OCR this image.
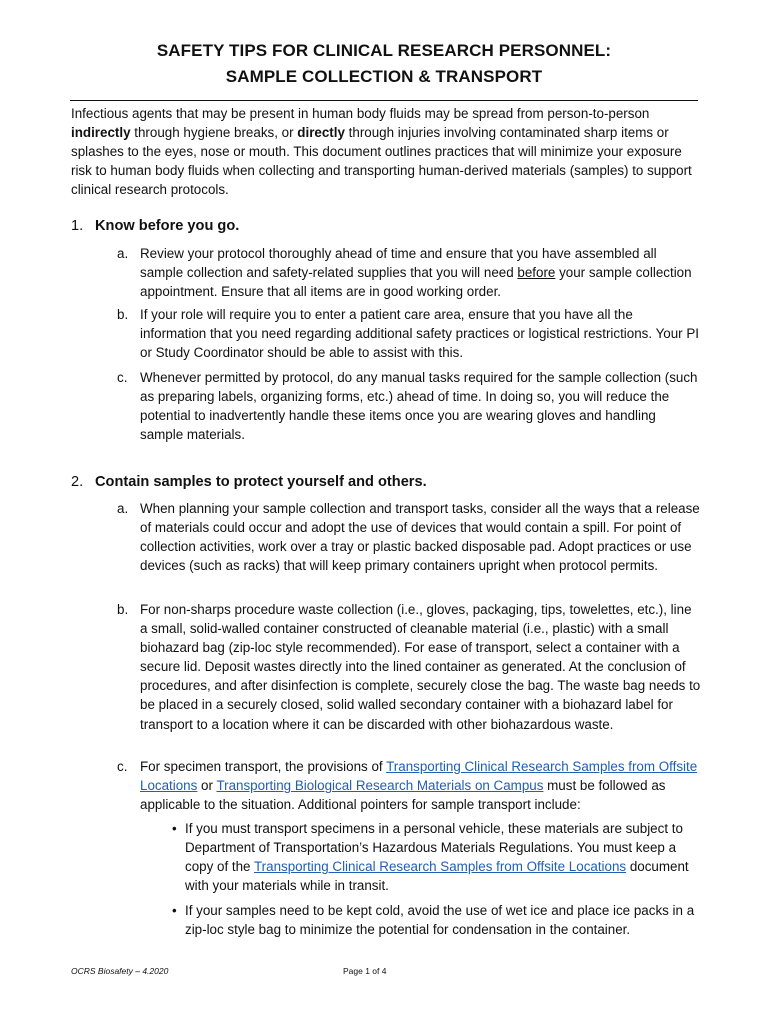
SAFETY TIPS FOR CLINICAL RESEARCH PERSONNEL:
SAMPLE COLLECTION & TRANSPORT
Infectious agents that may be present in human body fluids may be spread from person-to-person indirectly through hygiene breaks, or directly through injuries involving contaminated sharp items or splashes to the eyes, nose or mouth. This document outlines practices that will minimize your exposure risk to human body fluids when collecting and transporting human-derived materials (samples) to support clinical research protocols.
1. Know before you go.
a. Review your protocol thoroughly ahead of time and ensure that you have assembled all sample collection and safety-related supplies that you will need before your sample collection appointment. Ensure that all items are in good working order.
b. If your role will require you to enter a patient care area, ensure that you have all the information that you need regarding additional safety practices or logistical restrictions. Your PI or Study Coordinator should be able to assist with this.
c. Whenever permitted by protocol, do any manual tasks required for the sample collection (such as preparing labels, organizing forms, etc.) ahead of time. In doing so, you will reduce the potential to inadvertently handle these items once you are wearing gloves and handling sample materials.
2. Contain samples to protect yourself and others.
a. When planning your sample collection and transport tasks, consider all the ways that a release of materials could occur and adopt the use of devices that would contain a spill. For point of collection activities, work over a tray or plastic backed disposable pad. Adopt practices or use devices (such as racks) that will keep primary containers upright when protocol permits.
b. For non-sharps procedure waste collection (i.e., gloves, packaging, tips, towelettes, etc.), line a small, solid-walled container constructed of cleanable material (i.e., plastic) with a small biohazard bag (zip-loc style recommended). For ease of transport, select a container with a secure lid. Deposit wastes directly into the lined container as generated. At the conclusion of procedures, and after disinfection is complete, securely close the bag. The waste bag needs to be placed in a securely closed, solid walled secondary container with a biohazard label for transport to a location where it can be discarded with other biohazardous waste.
c. For specimen transport, the provisions of Transporting Clinical Research Samples from Offsite Locations or Transporting Biological Research Materials on Campus must be followed as applicable to the situation. Additional pointers for sample transport include:
• If you must transport specimens in a personal vehicle, these materials are subject to Department of Transportation’s Hazardous Materials Regulations. You must keep a copy of the Transporting Clinical Research Samples from Offsite Locations document with your materials while in transit.
• If your samples need to be kept cold, avoid the use of wet ice and place ice packs in a zip-loc style bag to minimize the potential for condensation in the container.
OCRS Biosafety – 4.2020	Page 1 of 4
